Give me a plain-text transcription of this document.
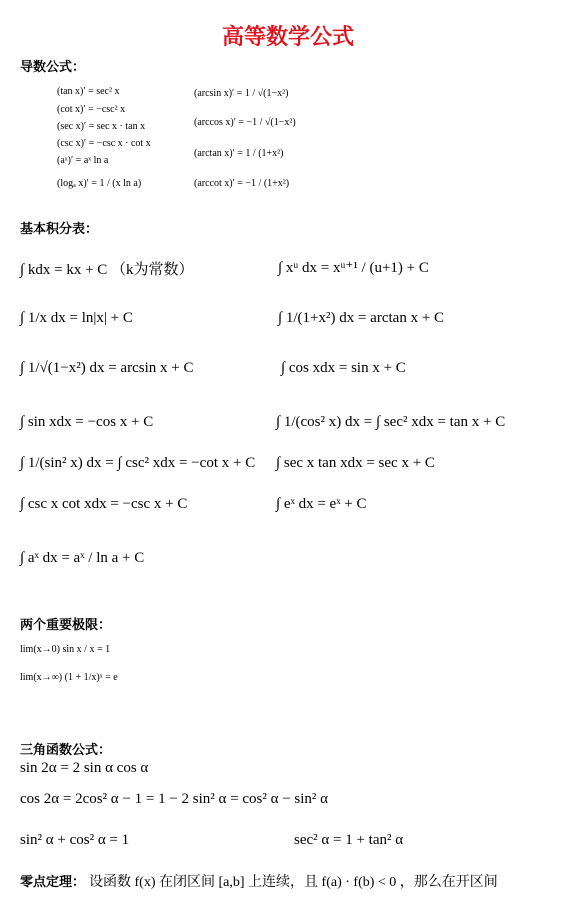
高等数学公式
导数公式：
(tan x)′ = sec² x
(cot x)′ = −csc² x
(sec x)′ = sec x · tan x
(csc x)′ = −csc x · cot x
(aˣ)′ = aˣ ln a
(logₐ x)′ = 1 / (x ln a)
(arcsin x)′ = 1 / √(1−x²)
(arccos x)′ = −1 / √(1−x²)
(arctan x)′ = 1 / (1+x²)
(arccot x)′ = −1 / (1+x²)
基本积分表：
∫ kdx = kx + C （k为常数）	∫ xᵘ dx = xᵘ⁺¹ / (u+1) + C
∫ 1/x dx = ln|x| + C	∫ 1/(1+x²) dx = arctan x + C
∫ 1/√(1−x²) dx = arcsin x + C	∫ cos xdx = sin x + C
∫ sin xdx = −cos x + C	∫ 1/(cos² x) dx = ∫ sec² xdx = tan x + C
∫ 1/(sin² x) dx = ∫ csc² xdx = −cot x + C ∫ sec x tan xdx = sec x + C
∫ csc x cot xdx = −csc x + C	∫ eˣ dx = eˣ + C
∫ aˣ dx = aˣ / ln a + C
两个重要极限：
lim(x→0) sin x / x = 1
lim(x→∞) (1 + 1/x)ˣ = e
三角函数公式：
sin 2α = 2 sin α cos α
cos 2α = 2cos² α − 1 = 1 − 2 sin² α = cos² α − sin² α
sin² α + cos² α = 1	sec² α = 1 + tan² α
零点定理： 设函数 f(x) 在闭区间 [a,b] 上连续，且 f(a) · f(b) < 0 ，那么在开区间
